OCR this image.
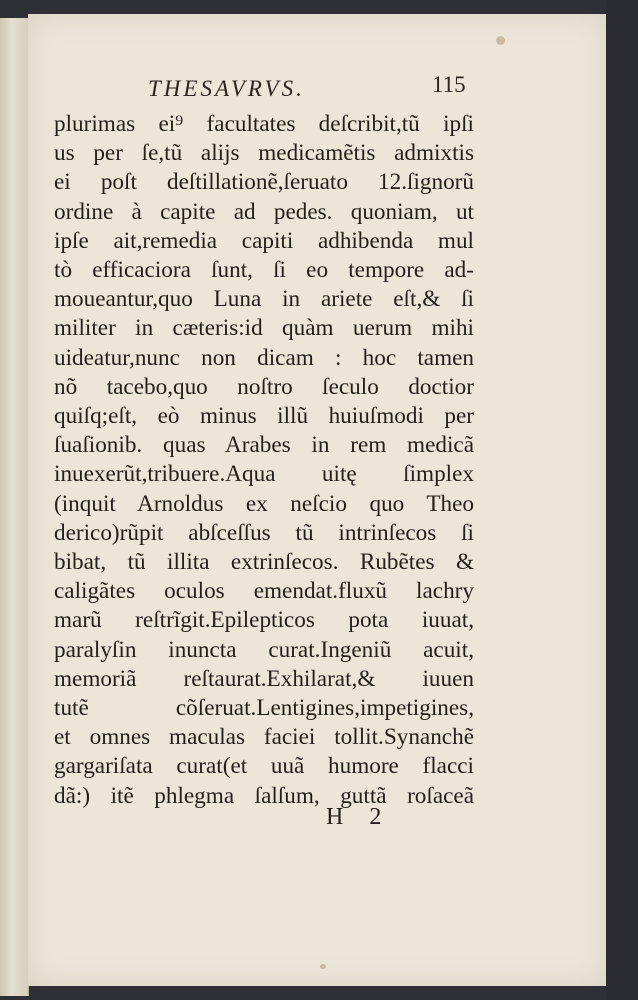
THESAVRVS.	115
plurimas ei⁹ facultates deſcribit,tũ ipſi
us per ſe,tũ alijs medicamẽtis admixtis
ei poſt deſtillationẽ,ſeruato 12.ſignorũ
ordine à capite ad pedes. quoniam, ut
ipſe ait,remedia capiti adhibenda mul
tò efficaciora ſunt, ſi eo tempore ad-
moueantur,quo Luna in ariete eſt,& ſi
militer in cæteris:id quàm uerum mihi
uideatur,nunc non dicam : hoc tamen
nõ tacebo,quo noſtro ſeculo doctior
quiſq;eſt, eò minus illũ huiuſmodi per
ſuaſionib. quas Arabes in rem medicã
inuexerũt,tribuere.Aqua uitę ſimplex
(inquit Arnoldus ex neſcio quo Theo
derico)rũpit abſceſſus tũ intrinſecos ſi
bibat, tũ illita extrinſecos. Rubẽtes &
caligãtes oculos emendat.fluxũ lachry
marũ reſtrĩgit.Epilepticos pota iuuat,
paralyſin inuncta curat.Ingeniũ acuit,
memoriã reſtaurat.Exhilarat,& iuuen
tutẽ cõſeruat.Lentigines,impetigines,
et omnes maculas faciei tollit.Synanchẽ
gargariſata curat(et uuã humore flacci
dã:) itẽ phlegma ſalſum, guttã roſaceã
H 2
